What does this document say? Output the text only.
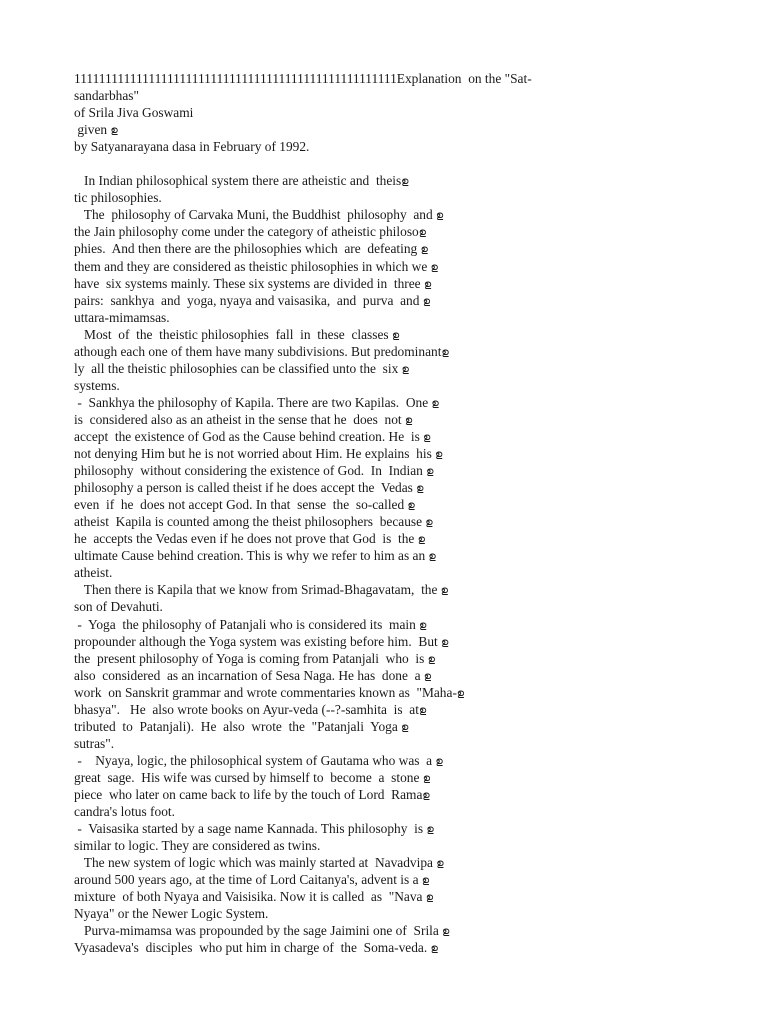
1111111111111111111111111111111111111111111111111111Explanation  on the "Sat-
sandarbhas"
of Srila Jiva Goswami
given ഉ
by Satyanarayana dasa in February of 1992.
In Indian philosophical system there are atheistic and  theisഉ
tic philosophies.
The  philosophy of Carvaka Muni, the Buddhist  philosophy  and ഉ
the Jain philosophy come under the category of atheistic philosoഉ
phies.  And then there are the philosophies which  are  defeating ഉ
them and they are considered as theistic philosophies in which we ഉ
have  six systems mainly. These six systems are divided in  three ഉ
pairs:  sankhya  and  yoga, nyaya and vaisasika,  and  purva  and ഉ
uttara-mimamsas.
Most  of  the  theistic philosophies  fall  in  these  classes ഉ
athough each one of them have many subdivisions. But predominantഉ
ly  all the theistic philosophies can be classified unto the  six ഉ
systems.
-  Sankhya the philosophy of Kapila. There are two Kapilas.  One ഉ
is  considered also as an atheist in the sense that he  does  not ഉ
accept  the existence of God as the Cause behind creation. He  is ഉ
not denying Him but he is not worried about Him. He explains  his ഉ
philosophy  without considering the existence of God.  In  Indian ഉ
philosophy a person is called theist if he does accept the  Vedas ഉ
even  if  he  does not accept God. In that  sense  the  so-called ഉ
atheist  Kapila is counted among the theist philosophers  because ഉ
he  accepts the Vedas even if he does not prove that God  is  the ഉ
ultimate Cause behind creation. This is why we refer to him as an ഉ
atheist.
Then there is Kapila that we know from Srimad-Bhagavatam,  the ഉ
son of Devahuti.
-  Yoga  the philosophy of Patanjali who is considered its  main ഉ
propounder although the Yoga system was existing before him.  But ഉ
the  present philosophy of Yoga is coming from Patanjali  who  is ഉ
also  considered  as an incarnation of Sesa Naga. He has  done  a ഉ
work  on Sanskrit grammar and wrote commentaries known as  "Maha-ഉ
bhasya".   He  also wrote books on Ayur-veda (--?-samhita  is  atഉ
tributed  to  Patanjali).  He  also  wrote  the  "Patanjali  Yoga ഉ
sutras".
-    Nyaya, logic, the philosophical system of Gautama who was  a ഉ
great  sage.  His wife was cursed by himself to  become  a  stone ഉ
piece  who later on came back to life by the touch of Lord  Ramaഉ
candra's lotus foot.
-  Vaisasika started by a sage name Kannada. This philosophy  is ഉ
similar to logic. They are considered as twins.
The new system of logic which was mainly started at  Navadvipa ഉ
around 500 years ago, at the time of Lord Caitanya's, advent is a ഉ
mixture  of both Nyaya and Vaisisika. Now it is called  as  "Nava ഉ
Nyaya" or the Newer Logic System.
Purva-mimamsa was propounded by the sage Jaimini one of  Srila ഉ
Vyasadeva's  disciples  who put him in charge of  the  Soma-veda. ഉ
